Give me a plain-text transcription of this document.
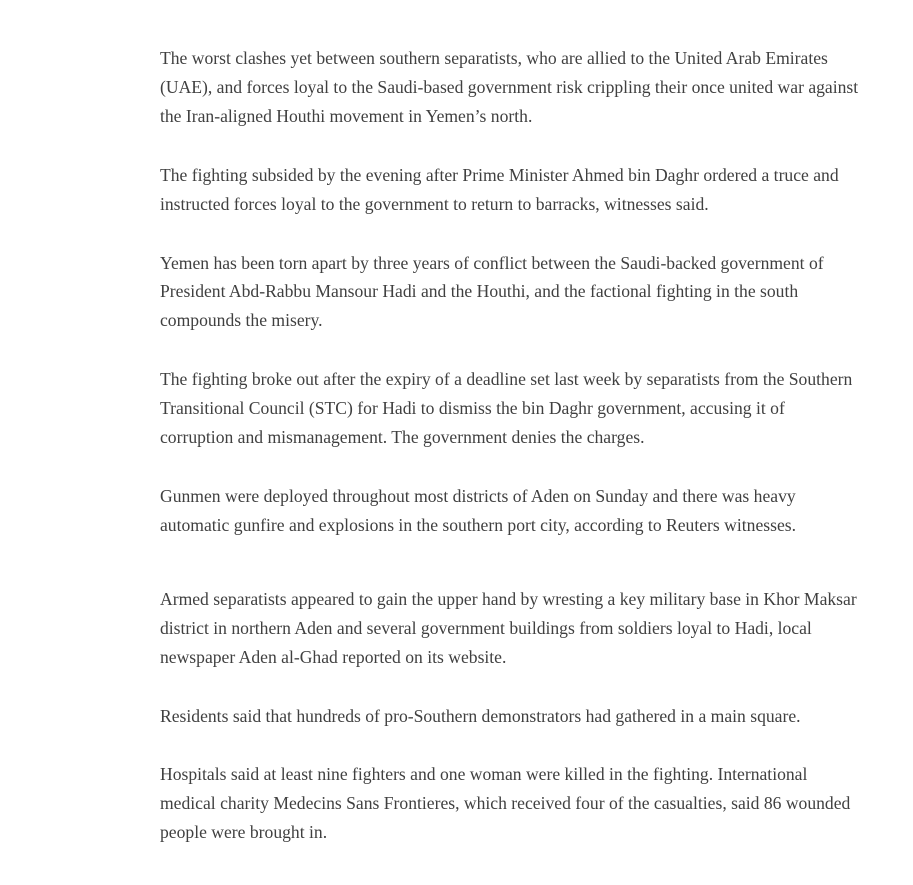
The worst clashes yet between southern separatists, who are allied to the United Arab Emirates (UAE), and forces loyal to the Saudi-based government risk crippling their once united war against the Iran-aligned Houthi movement in Yemen’s north.

The fighting subsided by the evening after Prime Minister Ahmed bin Daghr ordered a truce and instructed forces loyal to the government to return to barracks, witnesses said.

Yemen has been torn apart by three years of conflict between the Saudi-backed government of President Abd-Rabbu Mansour Hadi and the Houthi, and the factional fighting in the south compounds the misery.

The fighting broke out after the expiry of a deadline set last week by separatists from the Southern Transitional Council (STC) for Hadi to dismiss the bin Daghr government, accusing it of corruption and mismanagement. The government denies the charges.

Gunmen were deployed throughout most districts of Aden on Sunday and there was heavy automatic gunfire and explosions in the southern port city, according to Reuters witnesses.

Armed separatists appeared to gain the upper hand by wresting a key military base in Khor Maksar district in northern Aden and several government buildings from soldiers loyal to Hadi, local newspaper Aden al-Ghad reported on its website.

Residents said that hundreds of pro-Southern demonstrators had gathered in a main square.

Hospitals said at least nine fighters and one woman were killed in the fighting. International medical charity Medecins Sans Frontieres, which received four of the casualties, said 86 wounded people were brought in.
